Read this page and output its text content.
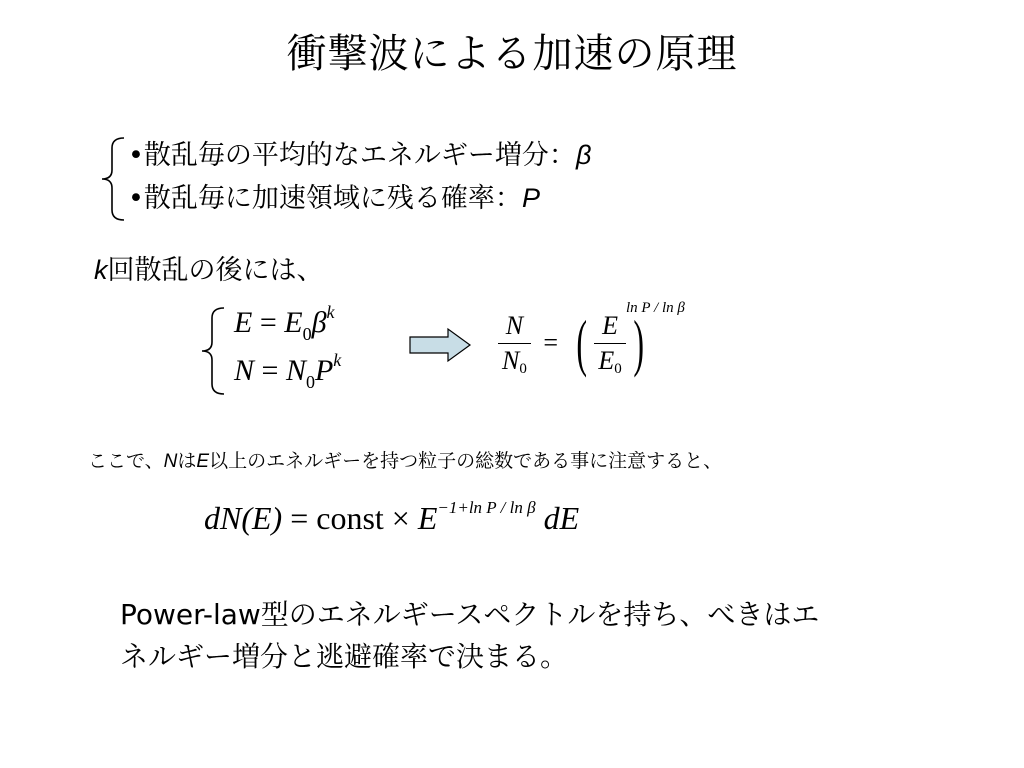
衝撃波による加速の原理
•散乱毎の平均的なエネルギー増分：β
•散乱毎に加速領域に残る確率：P
k回散乱の後には、
$E = E_0\beta^k$
$N = N_0P^k$	$\frac{N}{N0}$ = ( $\frac{E}{E0}$ )
ln P / ln β
ここで、NはE以上のエネルギーを持つ粒子の総数である事に注意すると、
dN(E) = const × $E^{-1+ln P / ln \beta}$ dE
Power-law型のエネルギースペクトルを持ち、べきはエ
ネルギー増分と逃避確率で決まる。
